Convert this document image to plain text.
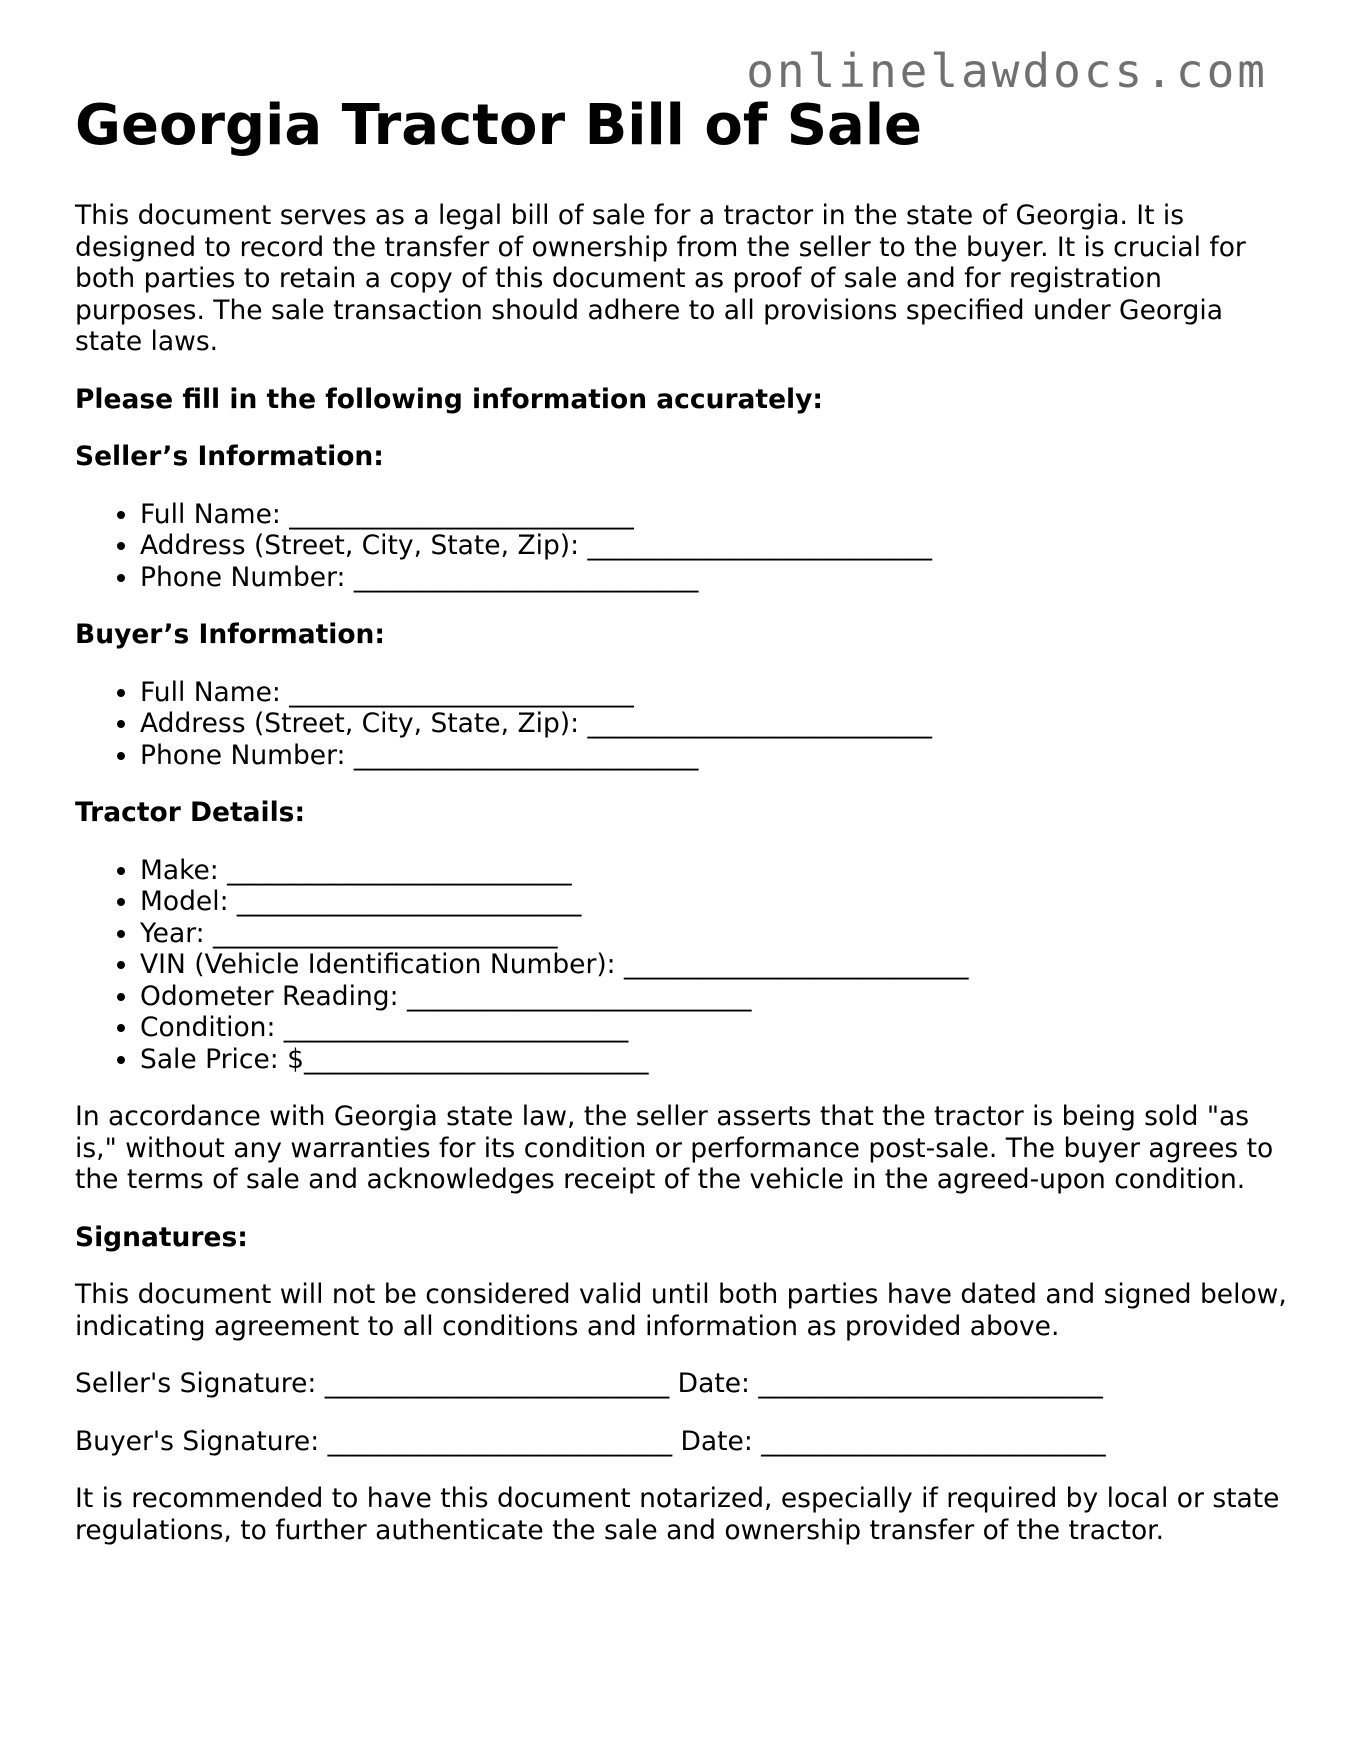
onlinelawdocs.com
Georgia Tractor Bill of Sale

This document serves as a legal bill of sale for a tractor in the state of Georgia. It is designed to record the transfer of ownership from the seller to the buyer. It is crucial for both parties to retain a copy of this document as proof of sale and for registration purposes. The sale transaction should adhere to all provisions specified under Georgia state laws.

Please fill in the following information accurately:

Seller’s Information:

• Full Name: __________________________
• Address (Street, City, State, Zip): __________________________
• Phone Number: __________________________

Buyer’s Information:

• Full Name: __________________________
• Address (Street, City, State, Zip): __________________________
• Phone Number: __________________________

Tractor Details:

• Make: __________________________
• Model: __________________________
• Year: __________________________
• VIN (Vehicle Identification Number): __________________________
• Odometer Reading: __________________________
• Condition: __________________________
• Sale Price: $__________________________

In accordance with Georgia state law, the seller asserts that the tractor is being sold "as is," without any warranties for its condition or performance post-sale. The buyer agrees to the terms of sale and acknowledges receipt of the vehicle in the agreed-upon condition.

Signatures:

This document will not be considered valid until both parties have dated and signed below, indicating agreement to all conditions and information as provided above.

Seller's Signature: __________________________ Date: __________________________
Buyer's Signature: __________________________ Date: __________________________

It is recommended to have this document notarized, especially if required by local or state regulations, to further authenticate the sale and ownership transfer of the tractor.
